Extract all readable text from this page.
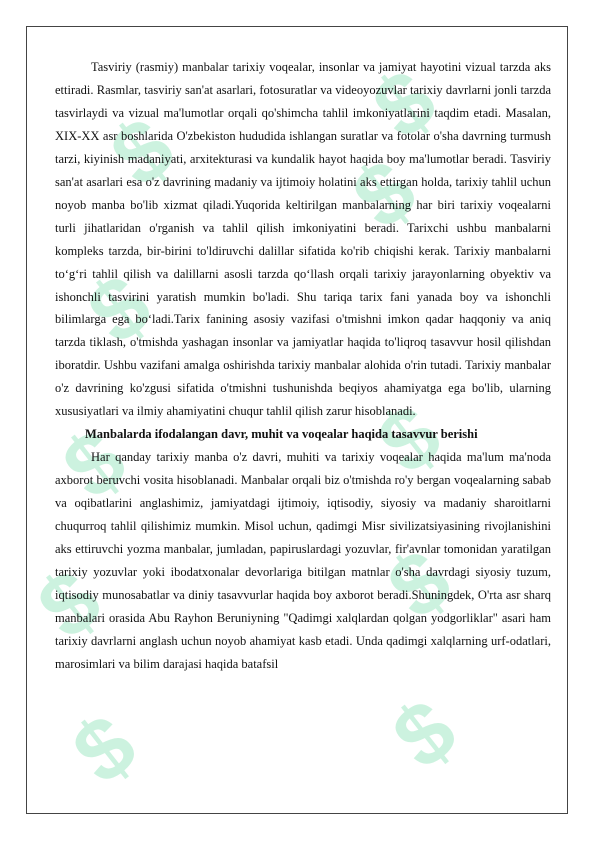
$ $
$
$
$ $
$	$
$	$

Tasviriy (rasmiy) manbalar tarixiy voqealar, insonlar va jamiyat hayotini vizual tarzda aks ettiradi. Rasmlar, tasviriy san'at asarlari, fotosuratlar va videoyozuvlar tarixiy davrlarni jonli tarzda tasvirlaydi va vizual ma'lumotlar orqali qo'shimcha tahlil imkoniyatlarini taqdim etadi. Masalan, XIX-XX asr boshlarida O'zbekiston hududida ishlangan suratlar va fotolar o'sha davrning turmush tarzi, kiyinish madaniyati, arxitekturasi va kundalik hayot haqida boy ma'lumotlar beradi. Tasviriy san'at asarlari esa o'z davrining madaniy va ijtimoiy holatini aks ettirgan holda, tarixiy tahlil uchun noyob manba bo'lib xizmat qiladi.Yuqorida keltirilgan manbalarning har biri tarixiy voqealarni turli jihatlaridan o'rganish va tahlil qilish imkoniyatini beradi. Tarixchi ushbu manbalarni kompleks tarzda, bir-birini to'ldiruvchi dalillar sifatida ko'rib chiqishi kerak. Tarixiy manbalarni to‘g‘ri tahlil qilish va dalillarni asosli tarzda qo‘llash orqali tarixiy jarayonlarning obyektiv va ishonchli tasvirini yaratish mumkin bo'ladi. Shu tariqa tarix fani yanada boy va ishonchli bilimlarga ega bo‘ladi.Tarix fanining asosiy vazifasi o'tmishni imkon qadar haqqoniy va aniq tarzda tiklash, o'tmishda yashagan insonlar va jamiyatlar haqida to'liqroq tasavvur hosil qilishdan iboratdir. Ushbu vazifani amalga oshirishda tarixiy manbalar alohida o'rin tutadi. Tarixiy manbalar o'z davrining ko'zgusi sifatida o'tmishni tushunishda beqiyos ahamiyatga ega bo'lib, ularning xususiyatlari va ilmiy ahamiyatini chuqur tahlil qilish zarur hisoblanadi.

Manbalarda ifodalangan davr, muhit va voqealar haqida tasavvur berishi

Har qanday tarixiy manba o'z davri, muhiti va tarixiy voqealar haqida ma'lum ma'noda axborot beruvchi vosita hisoblanadi. Manbalar orqali biz o'tmishda ro'y bergan voqealarning sabab va oqibatlarini anglashimiz, jamiyatdagi ijtimoiy, iqtisodiy, siyosiy va madaniy sharoitlarni chuqurroq tahlil qilishimiz mumkin. Misol uchun, qadimgi Misr sivilizatsiyasining rivojlanishini aks ettiruvchi yozma manbalar, jumladan, papiruslardagi yozuvlar, fir'avnlar tomonidan yaratilgan tarixiy yozuvlar yoki ibodatxonalar devorlariga bitilgan matnlar o'sha davrdagi siyosiy tuzum, iqtisodiy munosabatlar va diniy tasavvurlar haqida boy axborot beradi.Shuningdek, O'rta asr sharq manbalari orasida Abu Rayhon Beruniyning "Qadimgi xalqlardan qolgan yodgorliklar" asari ham tarixiy davrlarni anglash uchun noyob ahamiyat kasb etadi. Unda qadimgi xalqlarning urf-odatlari, marosimlari va bilim darajasi haqida batafsil
